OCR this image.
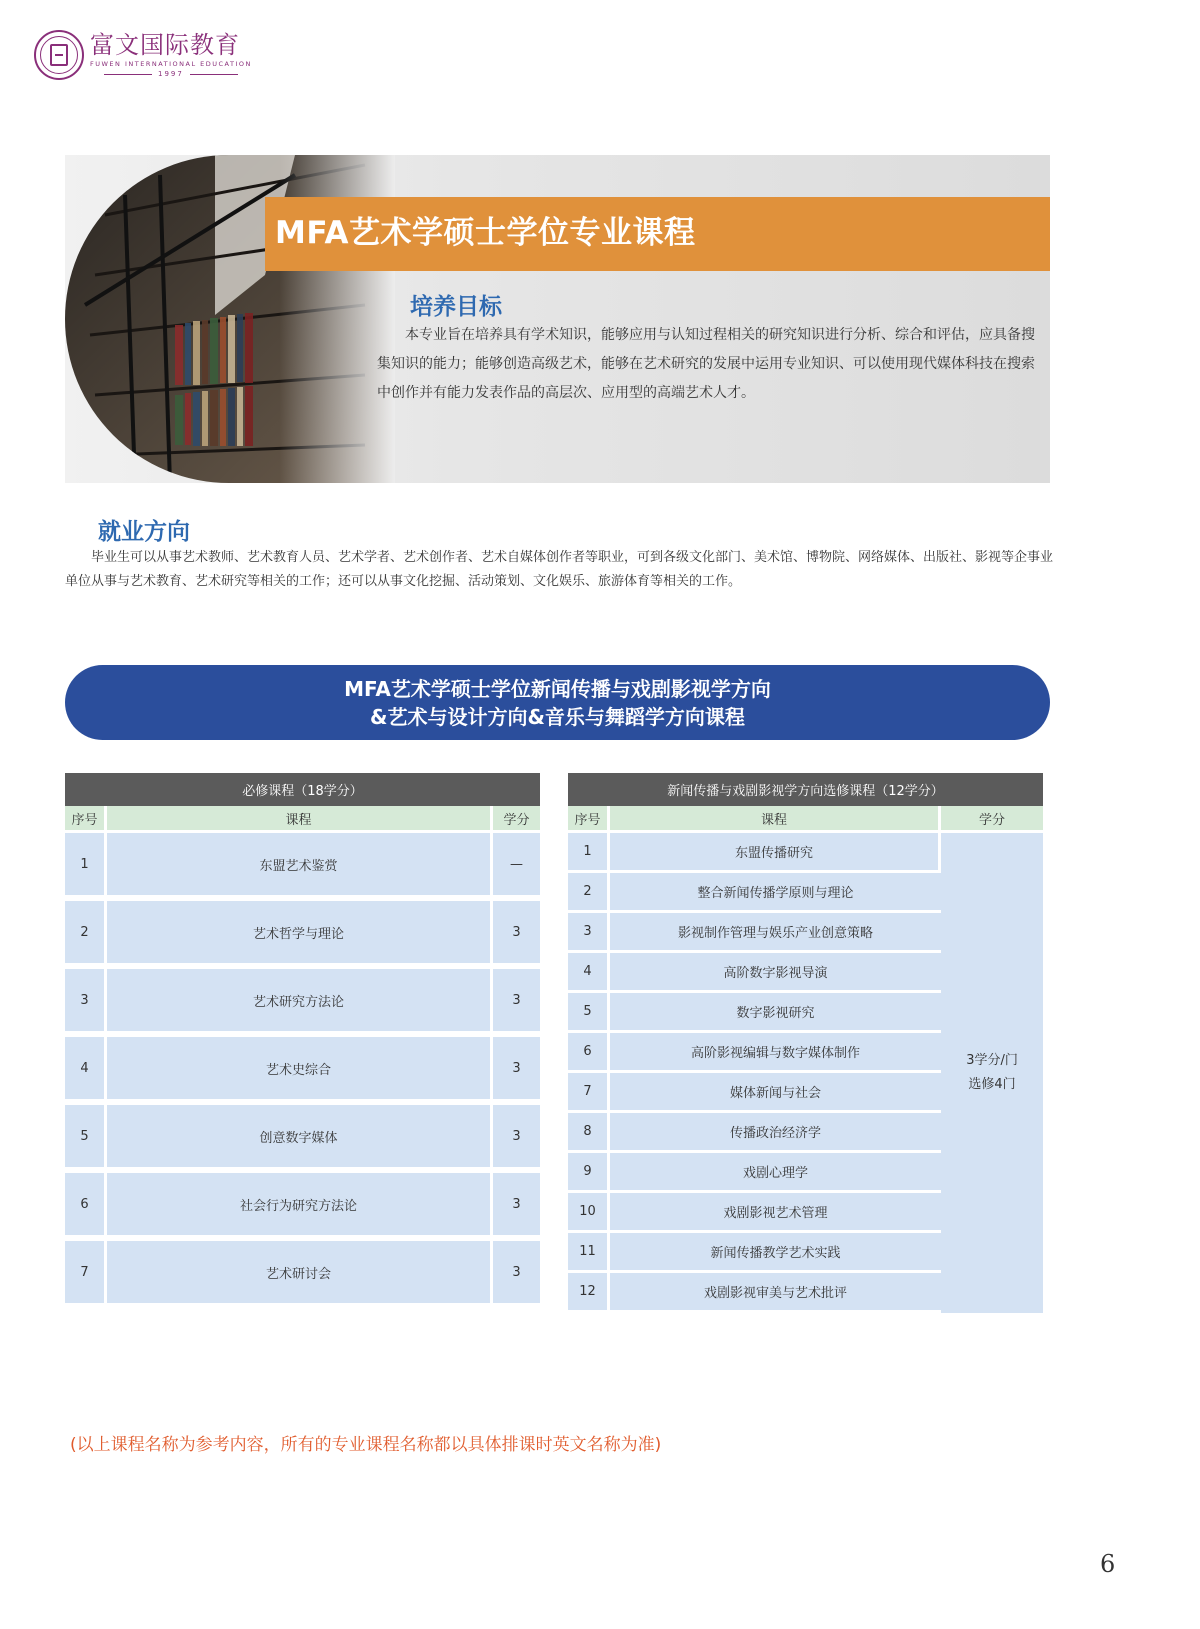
富文国际教育
FUWEN INTERNATIONAL EDUCATION
1997
MFA艺术学硕士学位专业课程
培养目标
本专业旨在培养具有学术知识，能够应用与认知过程相关的研究知识进行分析、综合和评估，应具备搜集知识的能力；能够创造高级艺术，能够在艺术研究的发展中运用专业知识、可以使用现代媒体科技在搜索中创作并有能力发表作品的高层次、应用型的高端艺术人才。
就业方向
毕业生可以从事艺术教师、艺术教育人员、艺术学者、艺术创作者、艺术自媒体创作者等职业，可到各级文化部门、美术馆、博物院、网络媒体、出版社、影视等企事业单位从事与艺术教育、艺术研究等相关的工作；还可以从事文化挖掘、活动策划、文化娱乐、旅游体育等相关的工作。
MFA艺术学硕士学位新闻传播与戏剧影视学方向
&艺术与设计方向&音乐与舞蹈学方向课程
必修课程（18学分）		
序号	课程	学分
1	东盟艺术鉴赏	—
2	艺术哲学与理论	3
3	艺术研究方法论	3
4	艺术史综合	3
5	创意数字媒体	3
6	社会行为研究方法论	3
7	艺术研讨会	3
新闻传播与戏剧影视学方向选修课程（12学分）		
序号	课程	学分
1	东盟传播研究	3学分/门
选修4门

2	整合新闻传播学原则与理论	
3	影视制作管理与娱乐产业创意策略	
4	高阶数字影视导演	
5	数字影视研究	
6	高阶影视编辑与数字媒体制作	
7	媒体新闻与社会	
8	传播政治经济学	
9	戏剧心理学	
10	戏剧影视艺术管理	
11	新闻传播教学艺术实践	
12	戏剧影视审美与艺术批评	
(以上课程名称为参考内容，所有的专业课程名称都以具体排课时英文名称为准)
6
